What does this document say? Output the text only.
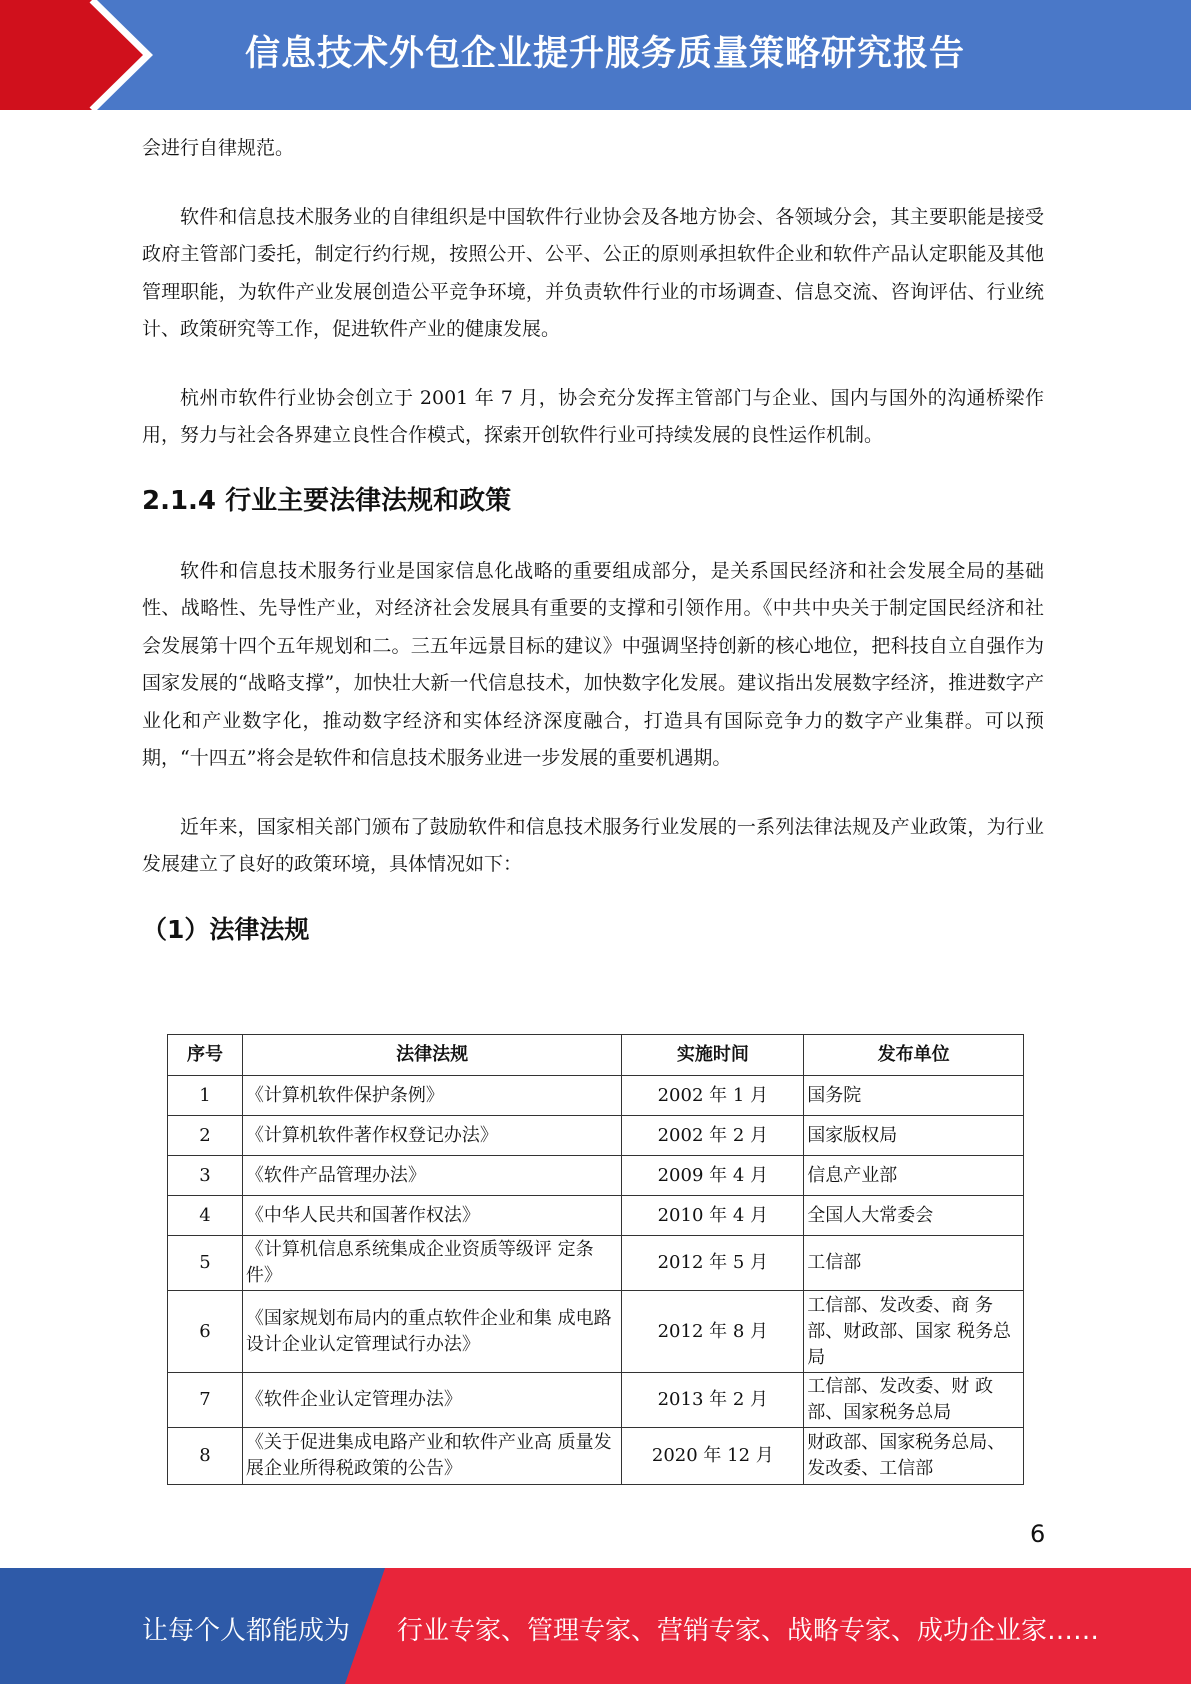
信息技术外包企业提升服务质量策略研究报告

会进行自律规范。

软件和信息技术服务业的自律组织是中国软件行业协会及各地方协会、各领域分会，其主要职能是接受政府主管部门委托，制定行约行规，按照公开、公平、公正的原则承担软件企业和软件产品认定职能及其他管理职能，为软件产业发展创造公平竞争环境，并负责软件行业的市场调查、信息交流、咨询评估、行业统计、政策研究等工作，促进软件产业的健康发展。

杭州市软件行业协会创立于 2001 年 7 月，协会充分发挥主管部门与企业、国内与国外的沟通桥梁作用，努力与社会各界建立良性合作模式，探索开创软件行业可持续发展的良性运作机制。

2.1.4 行业主要法律法规和政策

软件和信息技术服务行业是国家信息化战略的重要组成部分，是关系国民经济和社会发展全局的基础性、战略性、先导性产业，对经济社会发展具有重要的支撑和引领作用。《中共中央关于制定国民经济和社会发展第十四个五年规划和二。三五年远景目标的建议》中强调坚持创新的核心地位，把科技自立自强作为国家发展的“战略支撑”，加快壮大新一代信息技术，加快数字化发展。建议指出发展数字经济，推进数字产业化和产业数字化，推动数字经济和实体经济深度融合，打造具有国际竞争力的数字产业集群。可以预期，“十四五”将会是软件和信息技术服务业进一步发展的重要机遇期。

近年来，国家相关部门颁布了鼓励软件和信息技术服务行业发展的一系列法律法规及产业政策，为行业发展建立了良好的政策环境，具体情况如下：

（1）法律法规
序号	法律法规	实施时间	发布单位
1	《计算机软件保护条例》	2002 年 1 月	国务院
2	《计算机软件著作权登记办法》	2002 年 2 月	国家版权局
3	《软件产品管理办法》	2009 年 4 月	信息产业部
4	《中华人民共和国著作权法》	2010 年 4 月	全国人大常委会
5	《计算机信息系统集成企业资质等级评 定条件》	2012 年 5 月	工信部
6	《国家规划布局内的重点软件企业和集 成电路设计企业认定管理试行办法》	2012 年 8 月	工信部、发改委、商 务部、财政部、国家 税务总局
7	《软件企业认定管理办法》	2013 年 2 月	工信部、发改委、财 政部、国家税务总局
8	《关于促进集成电路产业和软件产业高 质量发展企业所得税政策的公告》	2020 年 12 月	财政部、国家税务总局、发改委、工信部
6
让每个人都能成为 行业专家、管理专家、营销专家、战略专家、成功企业家……
